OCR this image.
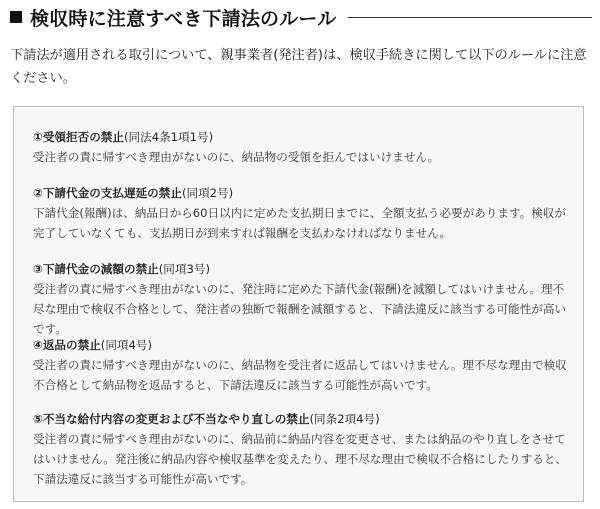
検収時に注意すべき下請法のルール

下請法が適用される取引について、親事業者(発注者)は、検収手続きに関して以下のルールに注意ください。

①受領拒否の禁止(同法4条1項1号)
受注者の責に帰すべき理由がないのに、納品物の受領を拒んではいけません。
②下請代金の支払遅延の禁止(同項2号)
下請代金(報酬)は、納品日から60日以内に定めた支払期日までに、全額支払う必要があります。検収が完了していなくても、支払期日が到来すれば報酬を支払わなければなりません。
③下請代金の減額の禁止(同項3号)
受注者の責に帰すべき理由がないのに、発注時に定めた下請代金(報酬)を減額してはいけません。理不尽な理由で検収不合格として、発注者の独断で報酬を減額すると、下請法違反に該当する可能性が高いです。
④返品の禁止(同項4号)
受注者の責に帰すべき理由がないのに、納品物を受注者に返品してはいけません。理不尽な理由で検収不合格として納品物を返品すると、下請法違反に該当する可能性が高いです。
⑤不当な給付内容の変更および不当なやり直しの禁止(同条2項4号)
受注者の責に帰すべき理由がないのに、納品前に納品内容を変更させ、または納品のやり直しをさせてはいけません。発注後に納品内容や検収基準を変えたり、理不尽な理由で検収不合格にしたりすると、下請法違反に該当する可能性が高いです。
